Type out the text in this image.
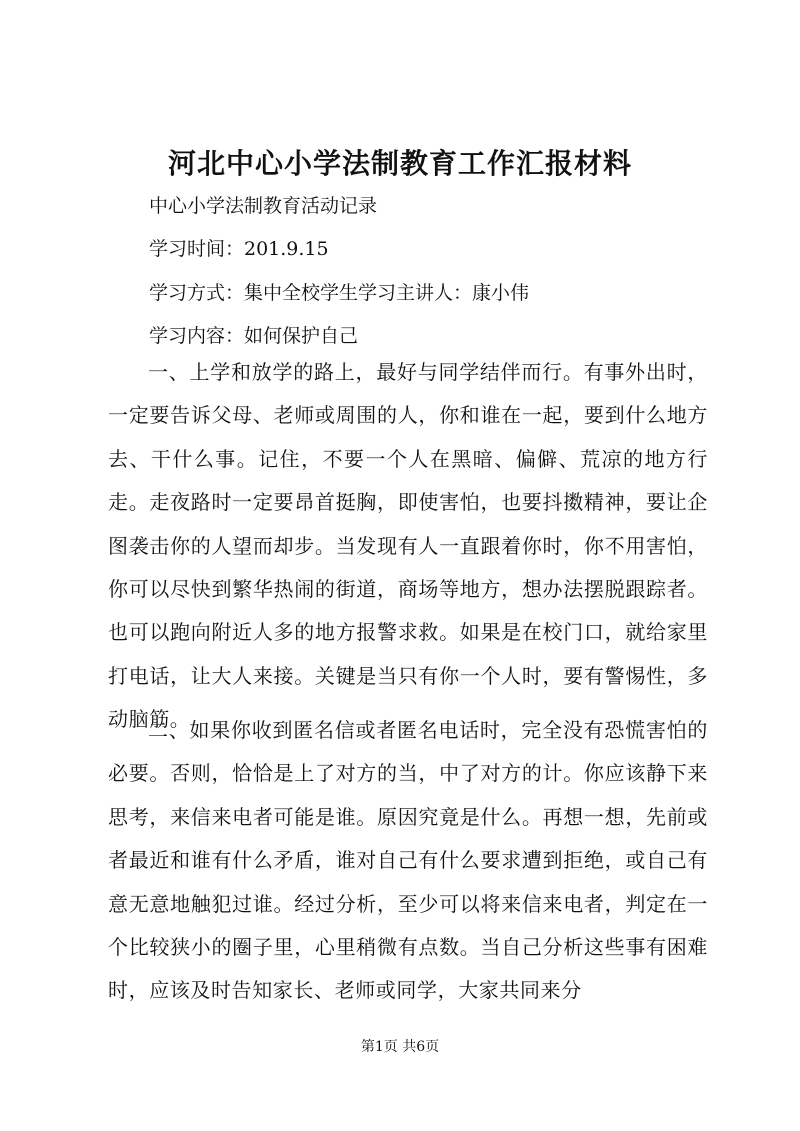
河北中心小学法制教育工作汇报材料

中心小学法制教育活动记录

学习时间：201.9.15

学习方式：集中全校学生学习主讲人：康小伟

学习内容：如何保护自己

一、上学和放学的路上，最好与同学结伴而行。有事外出时，一定要告诉父母、老师或周围的人，你和谁在一起，要到什么地方去、干什么事。记住，不要一个人在黑暗、偏僻、荒凉的地方行走。走夜路时一定要昂首挺胸，即使害怕，也要抖擞精神，要让企图袭击你的人望而却步。当发现有人一直跟着你时，你不用害怕，你可以尽快到繁华热闹的街道，商场等地方，想办法摆脱跟踪者。也可以跑向附近人多的地方报警求救。如果是在校门口，就给家里打电话，让大人来接。关键是当只有你一个人时，要有警惕性，多动脑筋。

二、如果你收到匿名信或者匿名电话时，完全没有恐慌害怕的必要。否则，恰恰是上了对方的当，中了对方的计。你应该静下来思考，来信来电者可能是谁。原因究竟是什么。再想一想，先前或者最近和谁有什么矛盾，谁对自己有什么要求遭到拒绝，或自己有意无意地触犯过谁。经过分析，至少可以将来信来电者，判定在一个比较狭小的圈子里，心里稍微有点数。当自己分析这些事有困难时，应该及时告知家长、老师或同学，大家共同来分

第1页 共6页
